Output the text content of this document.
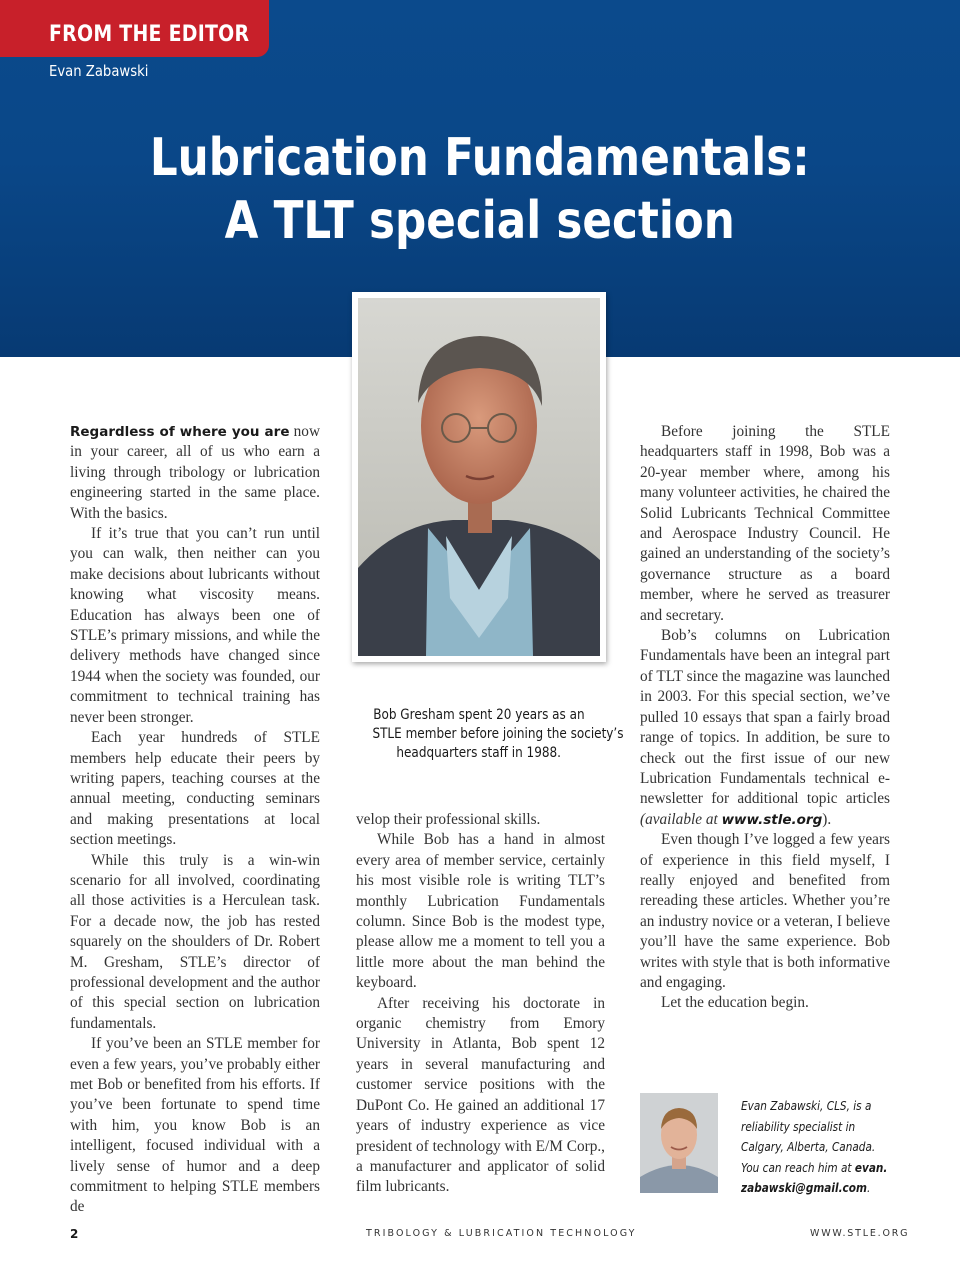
FROM THE EDITOR
Evan Zabawski
Lubrication Fundamentals:
A TLT special section
Bob Gresham spent 20 years as an
STLE member before joining the society’s
headquarters staff in 1988.

Regardless of where you are now in your career, all of us who earn a living through tribology or lubrication engineering started in the same place. With the basics.

If it’s true that you can’t run until you can walk, then neither can you make decisions about lubricants without knowing what viscosity means. Education has always been one of STLE’s primary missions, and while the delivery methods have changed since 1944 when the society was founded, our commitment to technical training has never been stronger.

Each year hundreds of STLE members help educate their peers by writing papers, teaching courses at the annual meeting, conducting seminars and making presentations at local section meetings.

While this truly is a win-win scenario for all involved, coordinating all those activities is a Herculean task. For a decade now, the job has rested squarely on the shoulders of Dr. Robert M. Gresham, STLE’s director of professional development and the author of this special section on lubrication fundamentals.

If you’ve been an STLE member for even a few years, you’ve probably either met Bob or benefited from his efforts. If you’ve been fortunate to spend time with him, you know Bob is an intelligent, focused individual with a lively sense of humor and a deep commitment to helping STLE members de

velop their professional skills.

While Bob has a hand in almost every area of member service, certainly his most visible role is writing TLT’s monthly Lubrication Fundamentals column. Since Bob is the modest type, please allow me a moment to tell you a little more about the man behind the keyboard.

After receiving his doctorate in organic chemistry from Emory University in Atlanta, Bob spent 12 years in several manufacturing and customer service positions with the DuPont Co. He gained an additional 17 years of industry experience as vice president of technology with E/M Corp., a manufacturer and applicator of solid film lubricants.

Before joining the STLE headquarters staff in 1998, Bob was a 20-year member where, among his many volunteer activities, he chaired the Solid Lubricants Technical Committee and Aerospace Industry Council. He gained an understanding of the society’s governance structure as a board member, where he served as treasurer and secretary.

Bob’s columns on Lubrication Fundamentals have been an integral part of TLT since the magazine was launched in 2003. For this special section, we’ve pulled 10 essays that span a fairly broad range of topics. In addition, be sure to check out the first issue of our new Lubrication Fundamentals technical e-newsletter for additional topic articles (available at www.stle.org).

Even though I’ve logged a few years of experience in this field myself, I really enjoyed and benefited from rereading these articles. Whether you’re an industry novice or a veteran, I believe you’ll have the same experience. Bob writes with style that is both informative and engaging.

Let the education begin.

Evan Zabawski, CLS, is a
reliability specialist in
Calgary, Alberta, Canada.
You can reach him at evan.
zabawski@gmail.com.
2	TRIBOLOGY & LUBRICATION TECHNOLOGY	WWW.STLE.ORG
